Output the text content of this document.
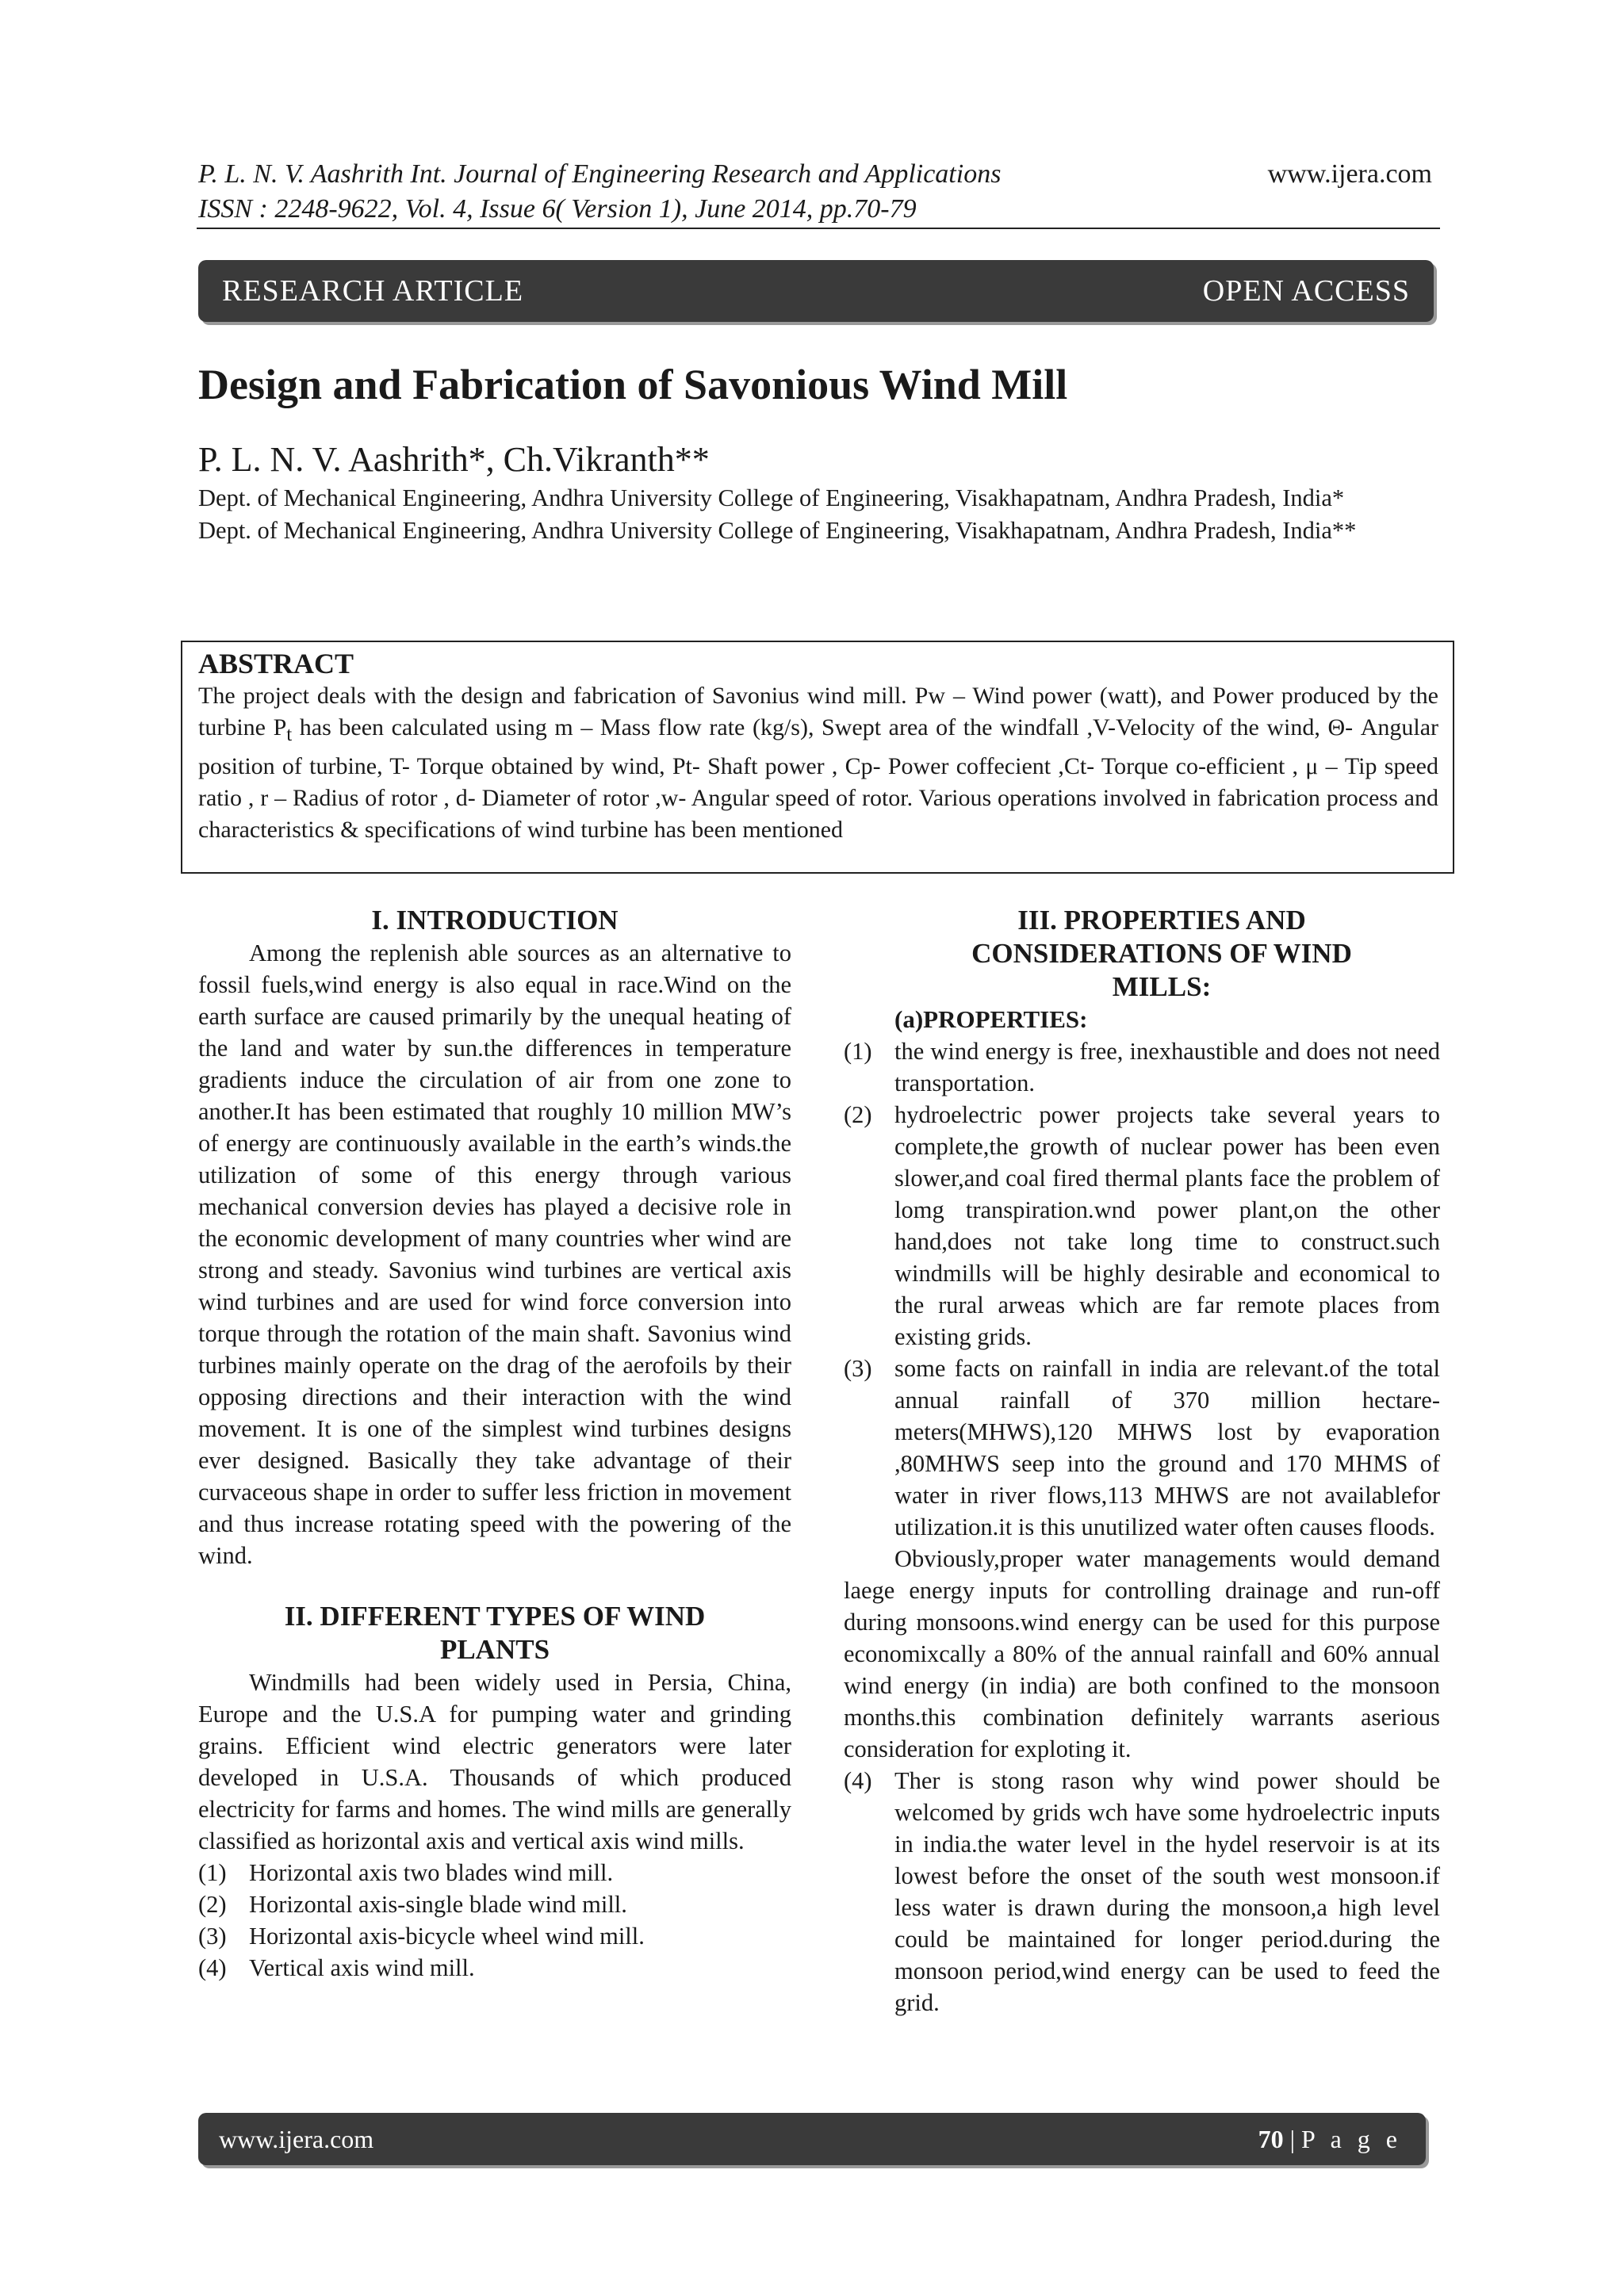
P. L. N. V. Aashrith Int. Journal of Engineering Research and Applications
ISSN : 2248-9622, Vol. 4, Issue 6( Version 1), June 2014, pp.70-79
www.ijera.com
RESEARCH ARTICLE	OPEN ACCESS
Design and Fabrication of Savonious Wind Mill
P. L. N. V. Aashrith*, Ch.Vikranth**

Dept. of Mechanical Engineering, Andhra University College of Engineering, Visakhapatnam, Andhra Pradesh, India*

Dept. of Mechanical Engineering, Andhra University College of Engineering, Visakhapatnam, Andhra Pradesh, India**

ABSTRACT

The project deals with the design and fabrication of Savonius wind mill. Pw – Wind power (watt), and Power produced by the turbine $P_t$ has been calculated using m – Mass flow rate (kg/s), Swept area of the windfall ,V-Velocity of the wind, Θ- Angular position of turbine, T- Torque obtained by wind, Pt- Shaft power , Cp- Power coffecient ,Ct- Torque co-efficient , μ – Tip speed ratio , r – Radius of rotor , d- Diameter of rotor ,w- Angular speed of rotor. Various operations involved in fabrication process and characteristics & specifications of wind turbine has been mentioned

I. INTRODUCTION

Among the replenish able sources as an alternative to fossil fuels,wind energy is also equal in race.Wind on the earth surface are caused primarily by the unequal heating of the land and water by sun.the differences in temperature gradients induce the circulation of air from one zone to another.It has been estimated that roughly 10 million MW’s of energy are continuously available in the earth’s winds.the utilization of some of this energy through various mechanical conversion devies has played a decisive role in the economic development of many countries wher wind are strong and steady. Savonius wind turbines are vertical axis wind turbines and are used for wind force conversion into torque through the rotation of the main shaft. Savonius wind turbines mainly operate on the drag of the aerofoils by their opposing directions and their interaction with the wind movement. It is one of the simplest wind turbines designs ever designed. Basically they take advantage of their curvaceous shape in order to suffer less friction in movement and thus increase rotating speed with the powering of the wind.

II. DIFFERENT TYPES OF WIND PLANTS

Windmills had been widely used in Persia, China, Europe and the U.S.A for pumping water and grinding grains. Efficient wind electric generators were later developed in U.S.A. Thousands of which produced electricity for farms and homes. The wind mills are generally classified as horizontal axis and vertical axis wind mills.

(1) Horizontal axis two blades wind mill.
(2) Horizontal axis-single blade wind mill.
(3) Horizontal axis-bicycle wheel wind mill.
(4) Vertical axis wind mill.
III. PROPERTIES AND CONSIDERATIONS OF WIND MILLS:

(a)PROPERTIES:

(1) the wind energy is free, inexhaustible and does not need transportation.
(2) hydroelectric power projects take several years to complete,the growth of nuclear power has been even slower,and coal fired thermal plants face the problem of lomg transpiration.wnd power plant,on the other hand,does not take long time to construct.such windmills will be highly desirable and economical to the rural arweas which are far remote places from existing grids.
(3) some facts on rainfall in india are relevant.of the total annual rainfall of 370 million hectare-meters(MHWS),120 MHWS lost by evaporation ,80MHWS seep into the ground and 170 MHMS of water in river flows,113 MHWS are not availablefor utilization.it is this unutilized water often causes floods.

Obviously,proper water managements would demand laege energy inputs for controlling drainage and run-off during monsoons.wind energy can be used for this purpose economixcally a 80% of the annual rainfall and 60% annual wind energy (in india) are both confined to the monsoon months.this combination definitely warrants aserious consideration for exploting it.

(4) Ther is stong rason why wind power should be welcomed by grids wch have some hydroelectric inputs in india.the water level in the hydel reservoir is at its lowest before the onset of the south west monsoon.if less water is drawn during the monsoon,a high level could be maintained for longer period.during the monsoon period,wind energy can be used to feed the grid.
www.ijera.com	70 | P a g e
